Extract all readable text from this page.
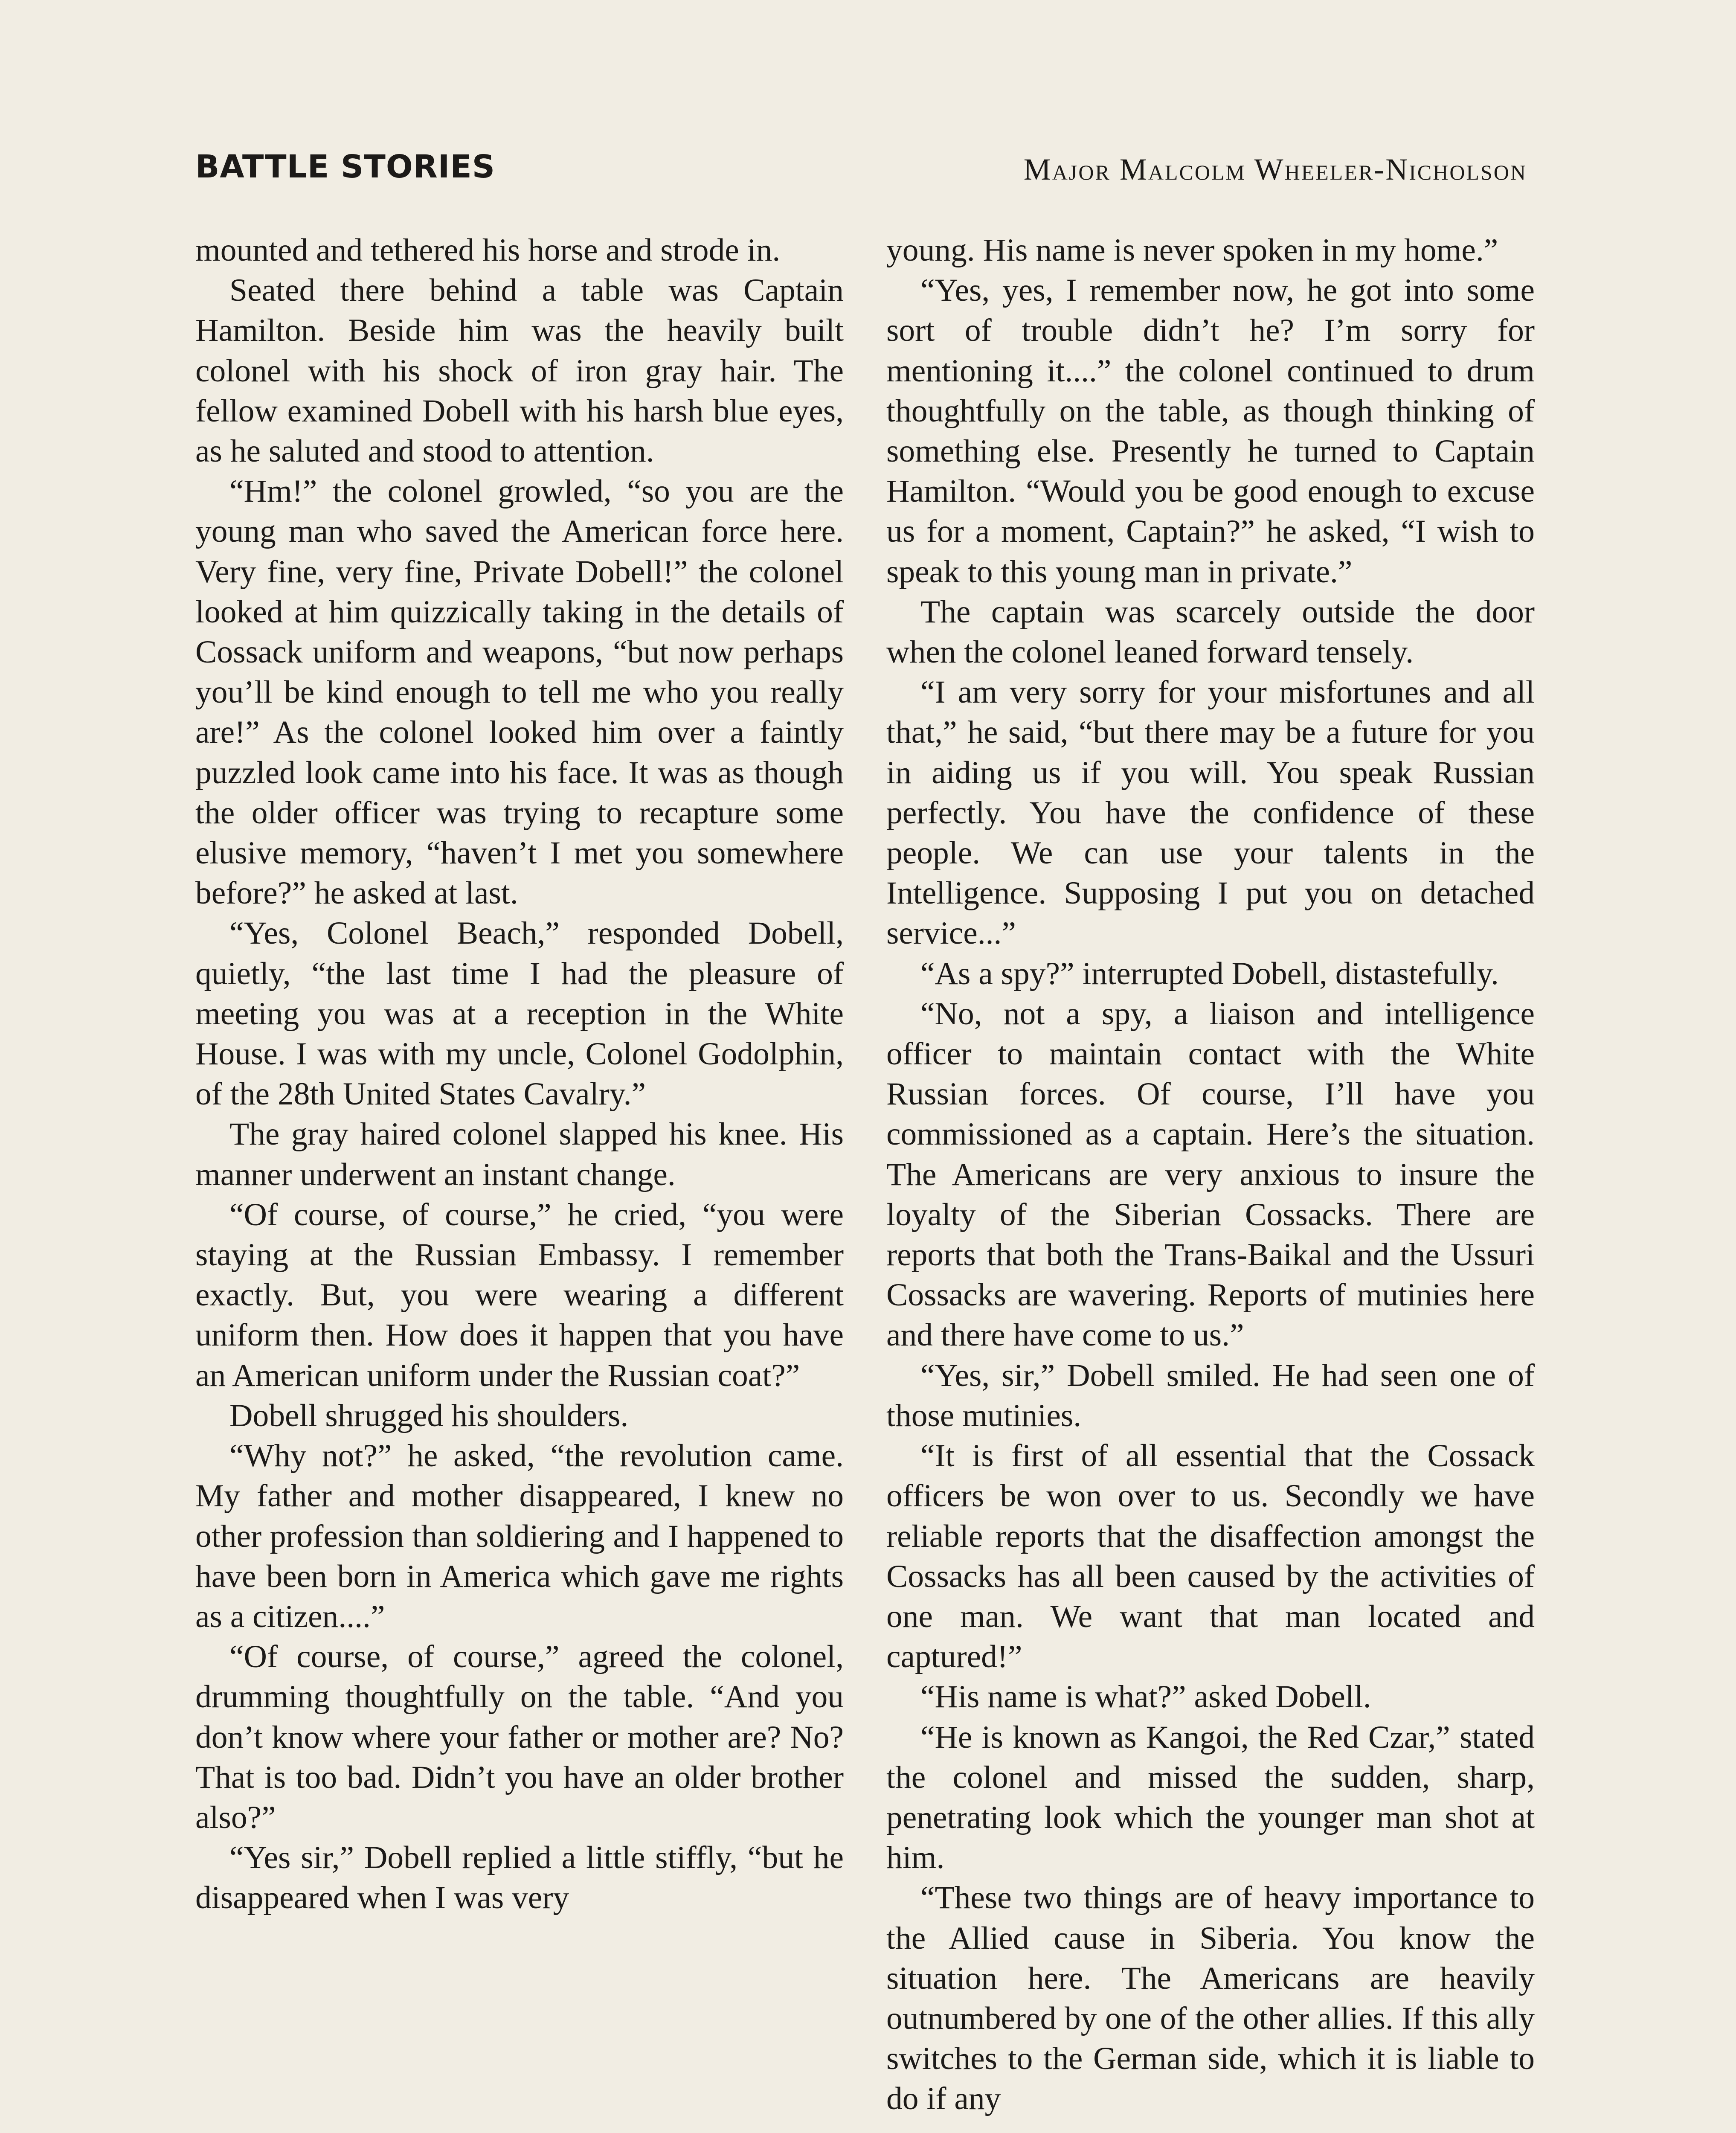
BATTLE STORIES	Major Malcolm Wheeler-Nicholson

mounted and tethered his horse and strode in.

Seated there behind a table was Captain Hamilton. Beside him was the heavily built colonel with his shock of iron gray hair. The fellow examined Dobell with his harsh blue eyes, as he saluted and stood to attention.

“Hm!” the colonel growled, “so you are the young man who saved the American force here. Very fine, very fine, Private Dobell!” the colonel looked at him quizzically taking in the details of Cossack uniform and weapons, “but now perhaps you’ll be kind enough to tell me who you really are!” As the colonel looked him over a faintly puzzled look came into his face. It was as though the older officer was trying to recapture some elusive memory, “haven’t I met you somewhere before?” he asked at last.

“Yes, Colonel Beach,” responded Dobell, quietly, “the last time I had the pleasure of meeting you was at a reception in the White House. I was with my uncle, Colonel Godolphin, of the 28th United States Cavalry.”

The gray haired colonel slapped his knee. His manner underwent an instant change.

“Of course, of course,” he cried, “you were staying at the Russian Embassy. I remember exactly. But, you were wearing a different uniform then. How does it happen that you have an American uniform under the Russian coat?”

Dobell shrugged his shoulders.

“Why not?” he asked, “the revolution came. My father and mother disappeared, I knew no other profession than soldiering and I happened to have been born in America which gave me rights as a citizen....”

“Of course, of course,” agreed the colonel, drumming thoughtfully on the table. “And you don’t know where your father or mother are? No? That is too bad. Didn’t you have an older brother also?”

“Yes sir,” Dobell replied a little stiffly, “but he disappeared when I was very

young. His name is never spoken in my home.”

“Yes, yes, I remember now, he got into some sort of trouble didn’t he? I’m sorry for mentioning it....” the colonel continued to drum thoughtfully on the table, as though thinking of something else. Presently he turned to Captain Hamilton. “Would you be good enough to excuse us for a moment, Captain?” he asked, “I wish to speak to this young man in private.”

The captain was scarcely outside the door when the colonel leaned forward tensely.

“I am very sorry for your misfortunes and all that,” he said, “but there may be a future for you in aiding us if you will. You speak Russian perfectly. You have the confidence of these people. We can use your talents in the Intelligence. Supposing I put you on detached service...”

“As a spy?” interrupted Dobell, distastefully.

“No, not a spy, a liaison and intelligence officer to maintain contact with the White Russian forces. Of course, I’ll have you commissioned as a captain. Here’s the situation. The Americans are very anxious to insure the loyalty of the Siberian Cossacks. There are reports that both the Trans-Baikal and the Ussuri Cossacks are wavering. Reports of mutinies here and there have come to us.”

“Yes, sir,” Dobell smiled. He had seen one of those mutinies.

“It is first of all essential that the Cossack officers be won over to us. Secondly we have reliable reports that the disaffection amongst the Cossacks has all been caused by the activities of one man. We want that man located and captured!”

“His name is what?” asked Dobell.

“He is known as Kangoi, the Red Czar,” stated the colonel and missed the sudden, sharp, penetrating look which the younger man shot at him.

“These two things are of heavy importance to the Allied cause in Siberia. You know the situation here. The Americans are heavily outnumbered by one of the other allies. If this ally switches to the German side, which it is liable to do if any
